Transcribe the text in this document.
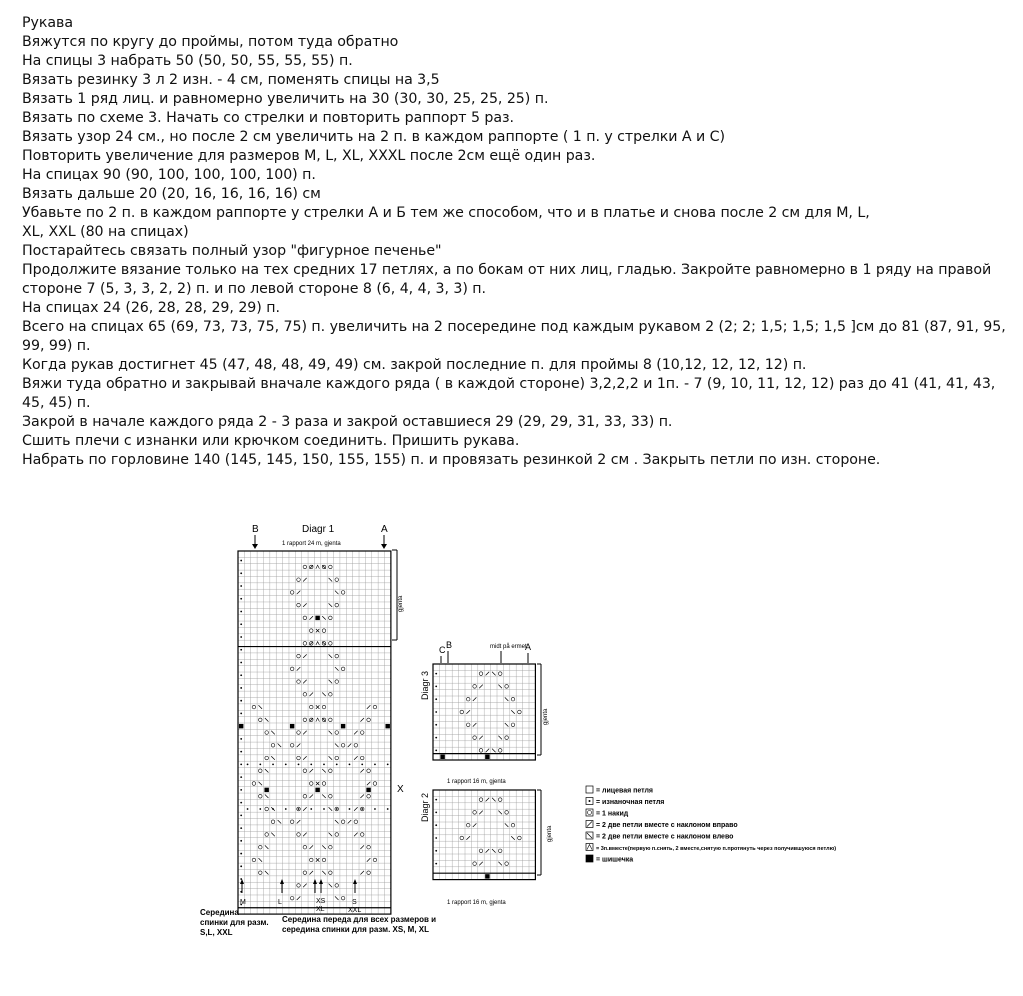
Рукава

Вяжутся по кругу до проймы, потом туда обратно

На спицы 3 набрать 50 (50, 50, 55, 55, 55) п.

Вязать резинку 3 л 2 изн. - 4 см, поменять спицы на 3,5

Вязать 1 ряд лиц. и равномерно увеличить на 30 (30, 30, 25, 25, 25) п.

Вязать по схеме 3. Начать со стрелки и повторить раппорт 5 раз.

Вязать узор 24 см., но после 2 см увеличить на 2 п. в каждом раппорте ( 1 п. у стрелки А и С)

Повторить увеличение для размеров M, L, XL, XXXL после 2см ещё один раз.

На спицах 90 (90, 100, 100, 100, 100) п.

Вязать дальше 20 (20, 16, 16, 16, 16) см

Убавьте по 2 п. в каждом раппорте у стрелки А и Б тем же способом, что и в платье и снова после 2 см для M, L,

XL, XXL (80 на спицах)

Постарайтесь связать полный узор "фигурное печенье"

Продолжите вязание только на тех средних 17 петлях, а по бокам от них лиц, гладью. Закройте равномерно в 1 ряду на правой

стороне 7 (5, 3, 3, 2, 2) п. и по левой стороне 8 (6, 4, 4, 3, 3) п.

На спицах 24 (26, 28, 28, 29, 29) п.

Всего на спицах 65 (69, 73, 73, 75, 75) п. увеличить на 2 посередине под каждым рукавом 2 (2; 2; 1,5; 1,5; 1,5 ]см до 81 (87, 91, 95,

99, 99) п.

Когда рукав достигнет 45 (47, 48, 48, 49, 49) см. закрой последние п. для проймы 8 (10,12, 12, 12, 12) п.

Вяжи туда обратно и закрывай вначале каждого ряда ( в каждой стороне) 3,2,2,2 и 1п. - 7 (9, 10, 11, 12, 12) раз до 41 (41, 41, 43,

45, 45) п.

Закрой в начале каждого ряда 2 - 3 раза и закрой оставшиеся 29 (29, 29, 31, 33, 33) п.

Сшить плечи с изнанки или крючком соединить. Пришить рукава.

Набрать по горловине 140 (145, 145, 150, 155, 155) п. и провязать резинкой 2 см . Закрыть петли по изн. стороне.

B	Diagr 1	A
1 rapport 24 m, gjenta
gjenta
X
M	L	XS
XL
S
XXL
Середина
спинки для разм.
S,L, XXL
Середина переда для всех размеров и
середина спинки для разм. XS, M, XL
C B	midt på ermet
A
Diagr 3
gjenta
1 rapport 16 m, gjenta
Diagr 2
gjenta
1 rapport 16 m, gjenta
= лицевая петля
= изнаночная петля
= 1 накид
= 2 две петли вместе с наклоном вправо
= 2 две петли вместе с наклоном влево
= 3п.вместе(первую п.снять, 2 вместе,снятую п.протянуть через получившуюся петлю)
= шишечка
